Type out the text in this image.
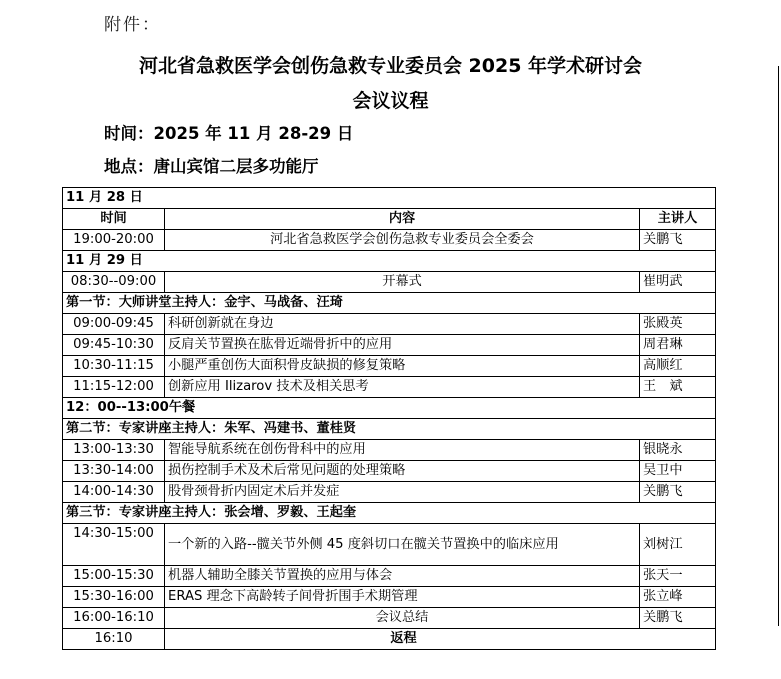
附件：
河北省急救医学会创伤急救专业委员会 2025 年学术研讨会
会议议程
时间：2025 年 11 月 28-29 日
地点：唐山宾馆二层多功能厅
11 月 28 日		
时间	内容	主讲人
19:00-20:00	河北省急救医学会创伤急救专业委员会全委会	关鹏飞
11 月 29 日		
08:30--09:00	开幕式	崔明武
第一节：大师讲堂主持人：金宇、马战备、汪琦		
09:00-09:45	科研创新就在身边	张殿英
09:45-10:30	反肩关节置换在肱骨近端骨折中的应用	周君琳
10:30-11:15	小腿严重创伤大面积骨皮缺损的修复策略	高顺红
11:15-12:00	创新应用 Ilizarov 技术及相关思考	王　斌
12：00--13:00午餐		
第二节：专家讲座主持人：朱军、冯建书、董桂贤		
13:00-13:30	智能导航系统在创伤骨科中的应用	银晓永
13:30-14:00	损伤控制手术及术后常见问题的处理策略	吴卫中
14:00-14:30	股骨颈骨折内固定术后并发症	关鹏飞
第三节：专家讲座主持人：张会增、罗毅、王起奎		
14:30-15:00	一个新的入路--髋关节外侧 45 度斜切口在髋关节置换中的临床应用	刘树江
15:00-15:30	机器人辅助全膝关节置换的应用与体会	张天一
15:30-16:00	ERAS 理念下高龄转子间骨折围手术期管理	张立峰
16:00-16:10	会议总结	关鹏飞
16:10	返程	
